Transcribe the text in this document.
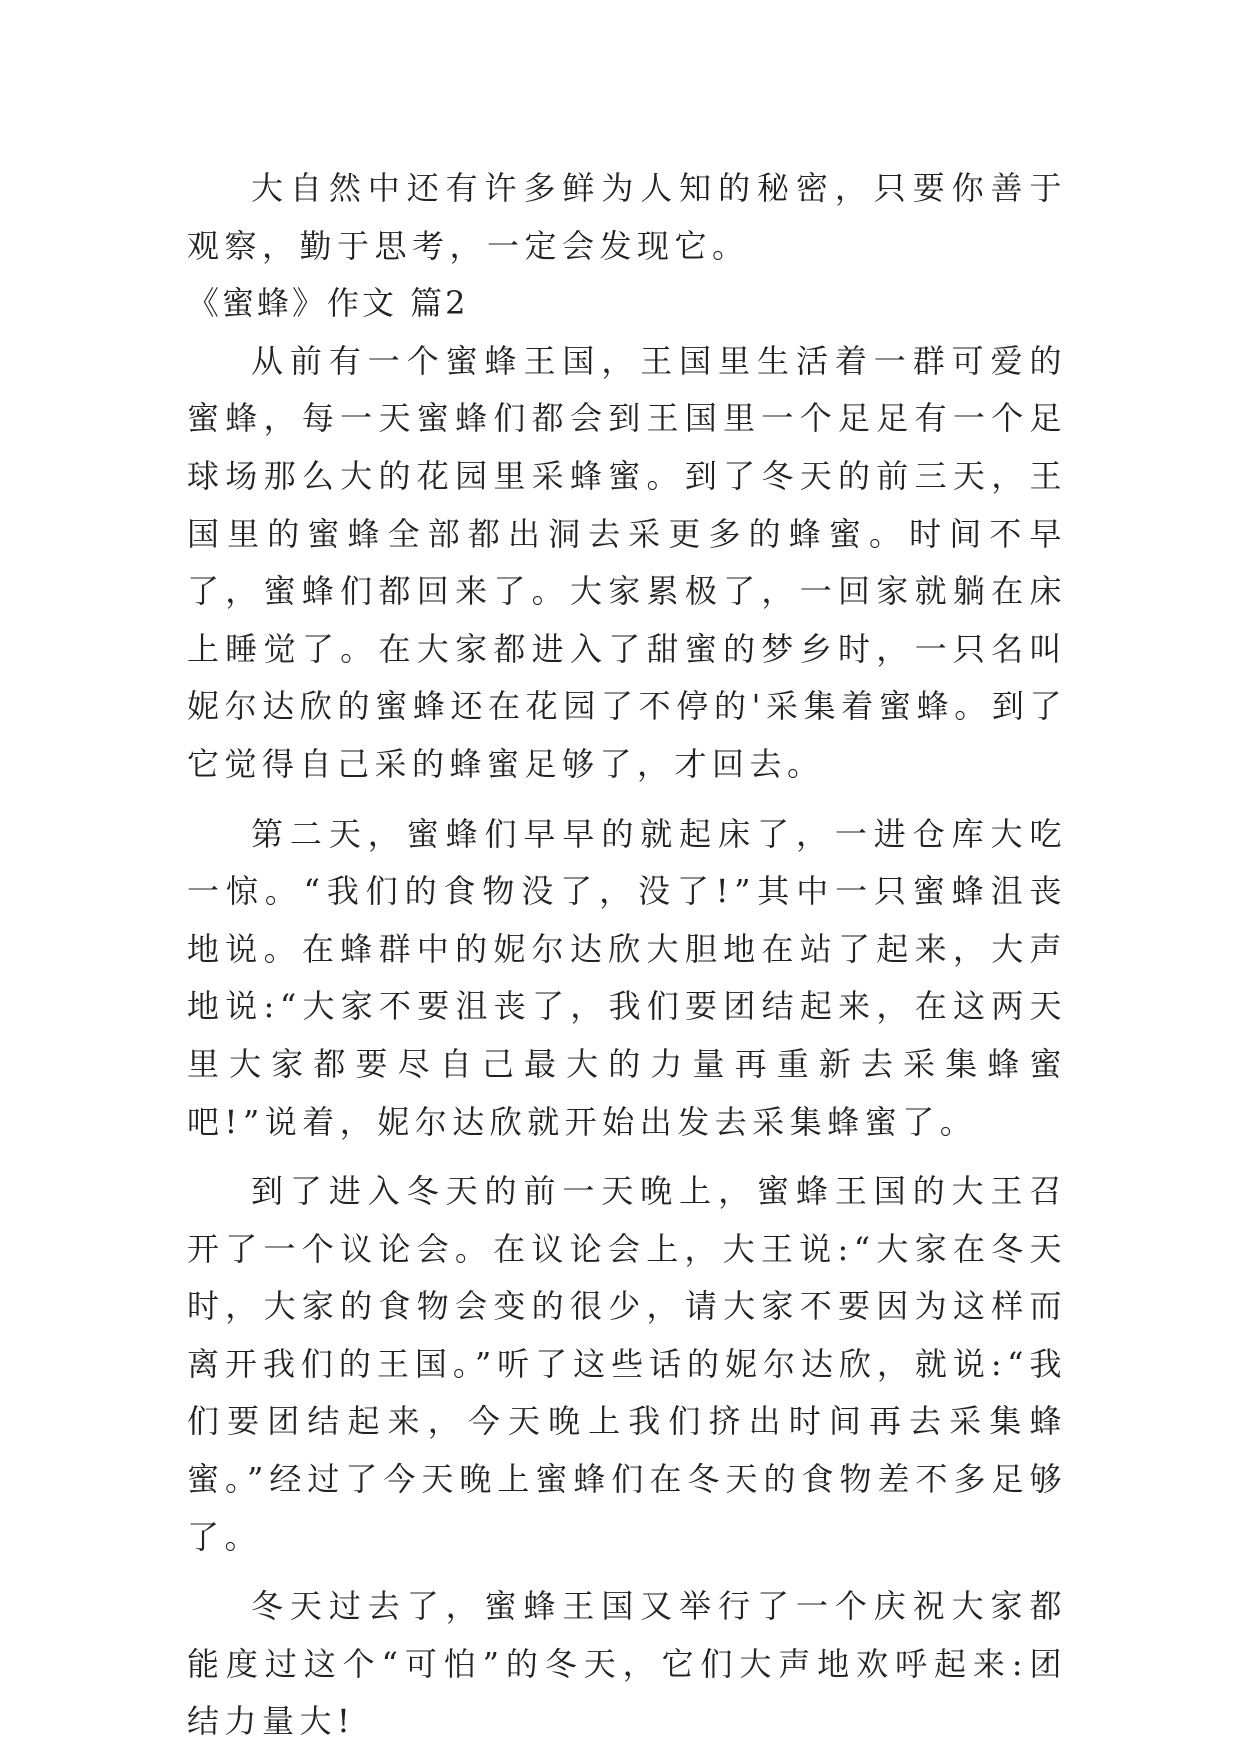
大自然中还有许多鲜为人知的秘密，只要你善于观察，勤于思考，一定会发现它。

《蜜蜂》作文 篇2

从前有一个蜜蜂王国，王国里生活着一群可爱的蜜蜂，每一天蜜蜂们都会到王国里一个足足有一个足球场那么大的花园里采蜂蜜。到了冬天的前三天，王国里的蜜蜂全部都出洞去采更多的蜂蜜。时间不早了，蜜蜂们都回来了。大家累极了，一回家就躺在床上睡觉了。在大家都进入了甜蜜的梦乡时，一只名叫妮尔达欣的蜜蜂还在花园了不停的'采集着蜜蜂。到了它觉得自己采的蜂蜜足够了，才回去。

第二天，蜜蜂们早早的就起床了，一进仓库大吃一惊。“我们的食物没了，没了!”其中一只蜜蜂沮丧地说。在蜂群中的妮尔达欣大胆地在站了起来，大声地说:“大家不要沮丧了，我们要团结起来，在这两天里大家都要尽自己最大的力量再重新去采集蜂蜜吧!”说着，妮尔达欣就开始出发去采集蜂蜜了。

到了进入冬天的前一天晚上，蜜蜂王国的大王召开了一个议论会。在议论会上，大王说:“大家在冬天时，大家的食物会变的很少，请大家不要因为这样而离开我们的王国。”听了这些话的妮尔达欣，就说:“我们要团结起来，今天晚上我们挤出时间再去采集蜂蜜。”经过了今天晚上蜜蜂们在冬天的食物差不多足够了。

冬天过去了，蜜蜂王国又举行了一个庆祝大家都能度过这个“可怕”的冬天，它们大声地欢呼起来:团结力量大!
